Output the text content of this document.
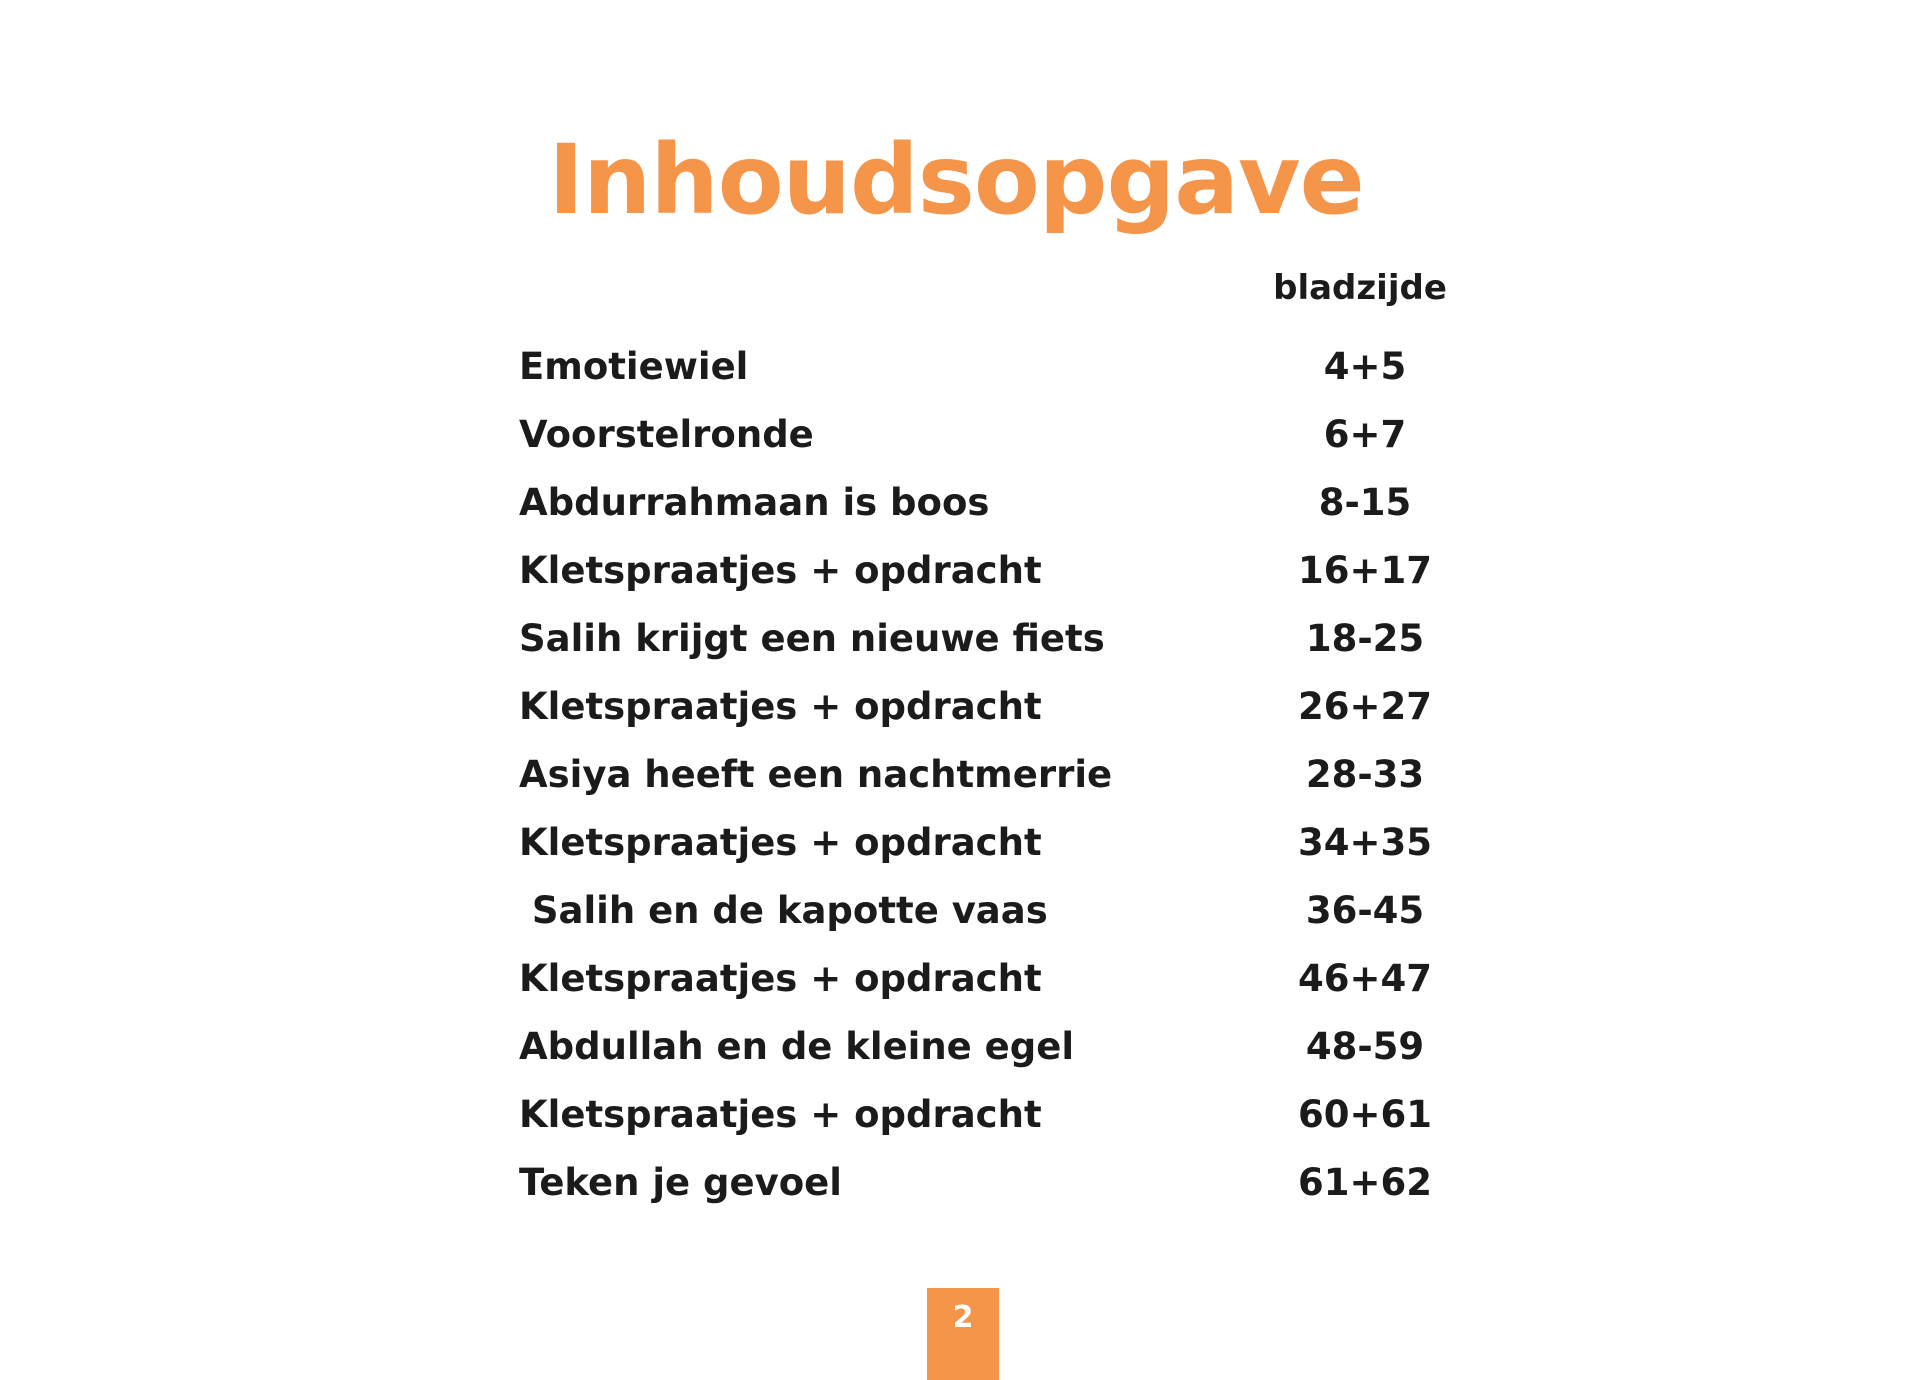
Inhoudsopgave
bladzijde
Emotiewiel	4+5
Voorstelronde	6+7
Abdurrahmaan is boos	8-15
Kletspraatjes + opdracht	16+17
Salih krijgt een nieuwe fiets	18-25
Kletspraatjes + opdracht	26+27
Asiya heeft een nachtmerrie	28-33
Kletspraatjes + opdracht	34+35
Salih en de kapotte vaas	36-45
Kletspraatjes + opdracht	46+47
Abdullah en de kleine egel	48-59
Kletspraatjes + opdracht	60+61
Teken je gevoel	61+62
2
